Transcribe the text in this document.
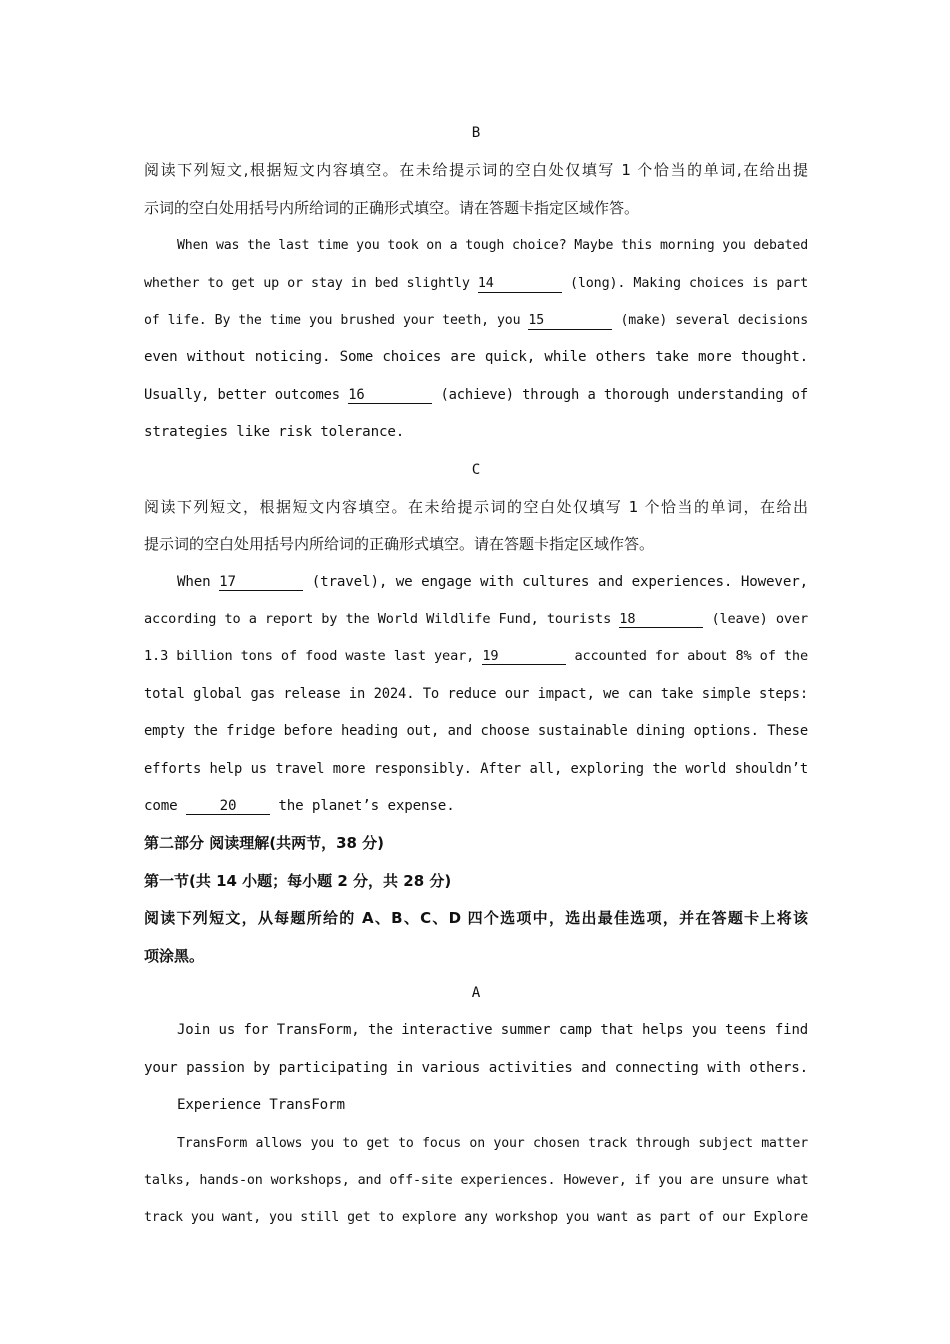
B
阅读下列短文,根据短文内容填空。在未给提示词的空白处仅填写 1 个恰当的单词,在给出提
示词的空白处用括号内所给词的正确形式填空。请在答题卡指定区域作答。
When was the last time you took on a tough choice? Maybe this morning you debated
whether to get up or stay in bed slightly 14	(long). Making choices is part
of life. By the time you brushed your teeth, you 15	(make) several decisions
even without noticing. Some choices are quick, while others take more thought.
Usually, better outcomes 16	(achieve) through a thorough understanding of
strategies like risk tolerance.
C
阅读下列短文，根据短文内容填空。在未给提示词的空白处仅填写 1 个恰当的单词，在给出
提示词的空白处用括号内所给词的正确形式填空。请在答题卡指定区域作答。
When 17	(travel), we engage with cultures and experiences. However,
according to a report by the World Wildlife Fund, tourists 18	(leave) over
1.3 billion tons of food waste last year, 19	accounted for about 8% of the
total global gas release in 2024. To reduce our impact, we can take simple steps:
empty the fridge before heading out, and choose sustainable dining options. These
efforts help us travel more responsibly. After all, exploring the world shouldn’t
come 20 the planet’s expense.
第二部分 阅读理解(共两节，38 分)
第一节(共 14 小题；每小题 2 分，共 28 分)
阅读下列短文，从每题所给的 A、B、C、D 四个选项中，选出最佳选项，并在答题卡上将该
项涂黑。
A
Join us for TransForm, the interactive summer camp that helps you teens find
your passion by participating in various activities and connecting with others.
Experience TransForm
TransForm allows you to get to focus on your chosen track through subject matter
talks, hands-on workshops, and off-site experiences. However, if you are unsure what
track you want, you still get to explore any workshop you want as part of our Explore
